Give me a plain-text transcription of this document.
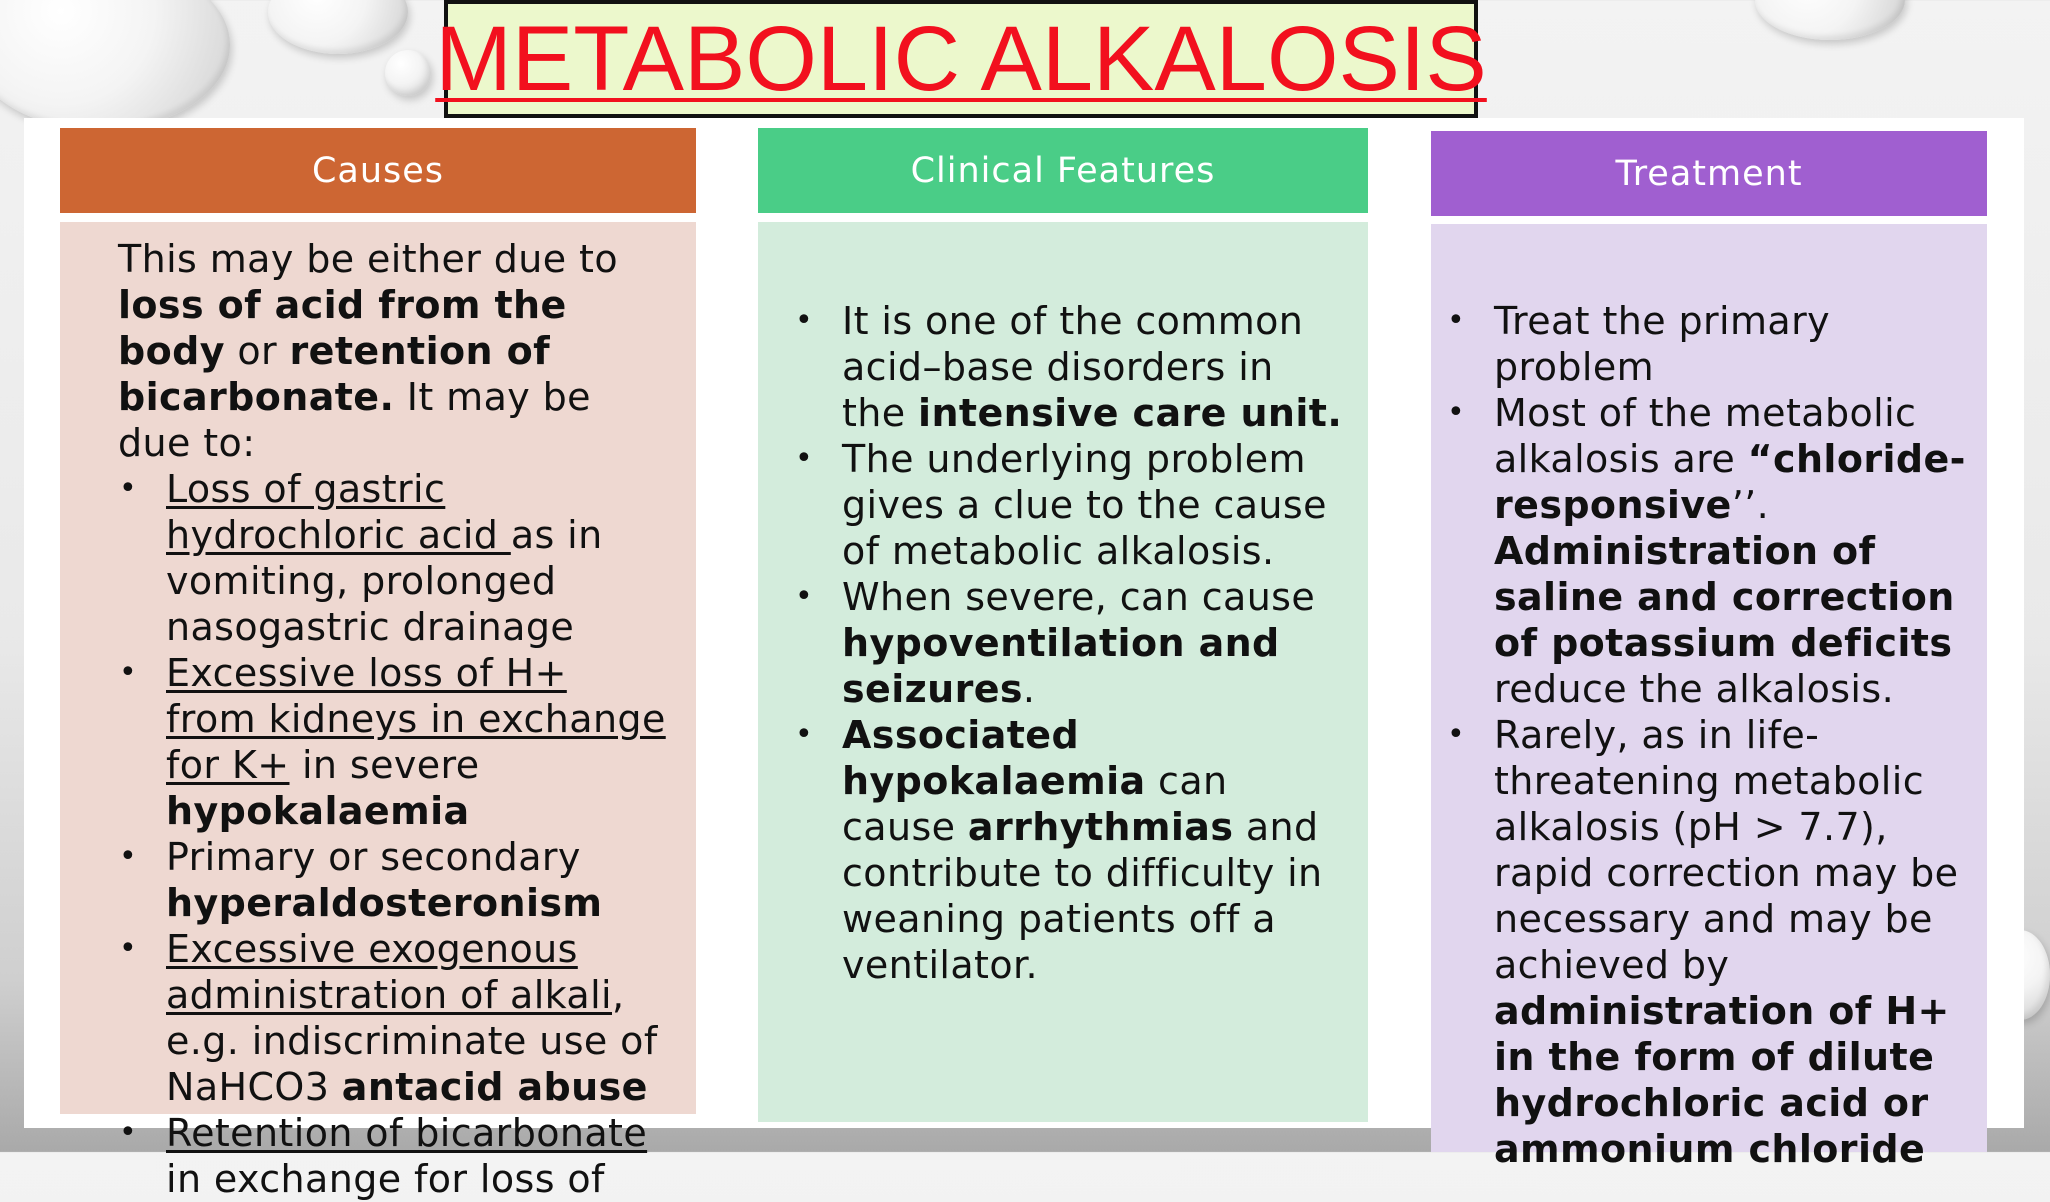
METABOLIC ALKALOSIS
Causes

This may be either due to loss of acid from the body or retention of bicarbonate. It may be due to:

• Loss of gastric hydrochloric acid as in vomiting, prolonged nasogastric drainage
• Excessive loss of H+ from kidneys in exchange for K+ in severe hypokalaemia
• Primary or secondary hyperaldosteronism
• Excessive exogenous administration of alkali, e.g. indiscriminate use of NaHCO3 antacid abuse
• Retention of bicarbonate in exchange for loss of
Clinical Features
• It is one of the common acid–base disorders in the intensive care unit.
• The underlying problem gives a clue to the cause of metabolic alkalosis.
• When severe, can cause hypoventilation and seizures.
• Associated hypokalaemia can cause arrhythmias and contribute to difficulty in weaning patients off a ventilator.
Treatment
• Treat the primary problem
• Most of the metabolic alkalosis are “chloride-responsive’’. Administration of saline and correction of potassium deficits reduce the alkalosis.
• Rarely, as in life-threatening metabolic alkalosis (pH > 7.7), rapid correction may be necessary and may be achieved by administration of H+ in the form of dilute hydrochloric acid or ammonium chloride
